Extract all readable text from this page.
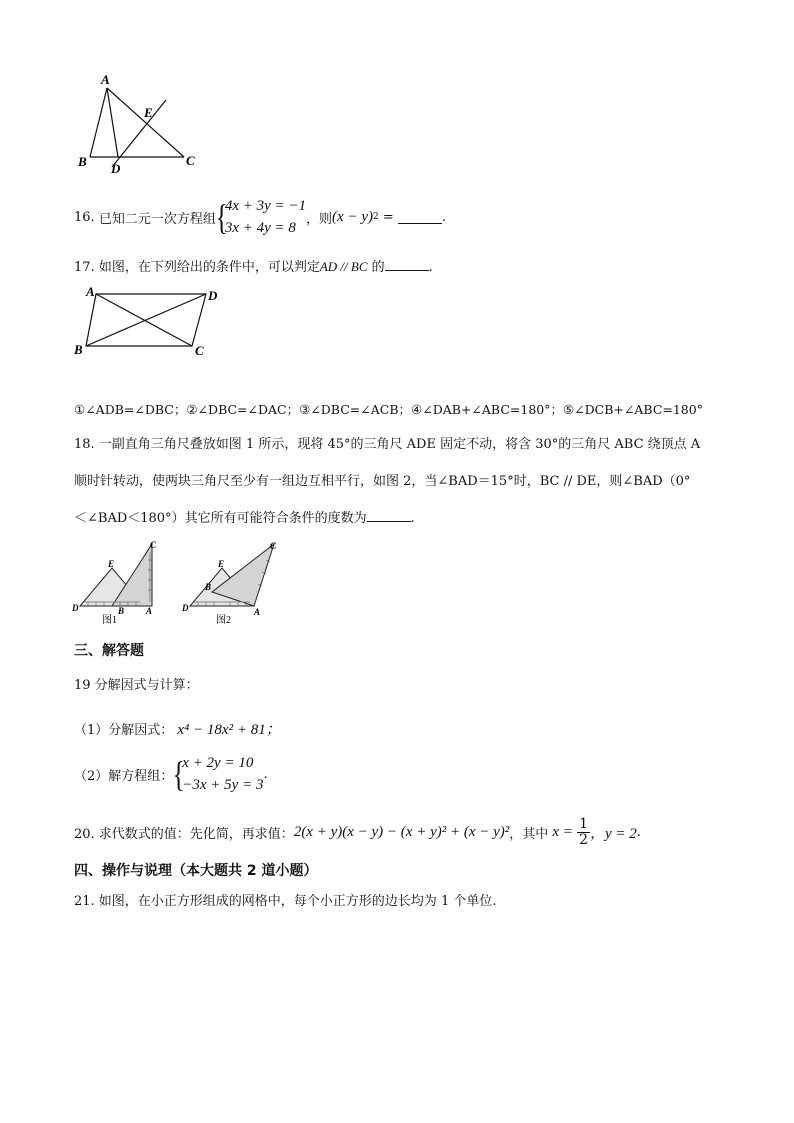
A
B	C
D
E
16.
已知二元一次方程组
{ 4x + 3y = −1
3x + 4y = 8
，则 (x − y) 2
=
	.
17. 如图，在下列给出的条件中，可以判定AD // BC 的	.
A	D
B	C
①∠ADB=∠DBC；②∠DBC=∠DAC；③∠DBC=∠ACB；④∠DAB+∠ABC=180°；⑤∠DCB+∠ABC=180°
18. 一副直角三角尺叠放如图 1 所示，现将 45°的三角尺 ADE 固定不动，将含 30°的三角尺 ABC 绕顶点 A
顺时针转动，使两块三角尺至少有一组边互相平行，如图 2，当∠BAD＝15°时，BC // DE，则∠BAD（0°
＜∠BAD＜180°）其它所有可能符合条件的度数为	.
D
E
C
B A
图1
D
E
C
B
A
图2
三、解答题
19 分解因式与计算：
（1）分解因式： x⁴ − 18x² + 81；
（2）解方程组：
{ x + 2y = 10
−3x + 5y = 3
.
20. 求代数式的值：先化简，再求值： 2(x + y)(x − y) − (x + y)² + (x − y)² ，其中
x =
$\frac{1}{2}$ ，y = 2 .
四、操作与说理（本大题共 2 道小题）
21. 如图，在小正方形组成的网格中，每个小正方形的边长均为 1 个单位.
